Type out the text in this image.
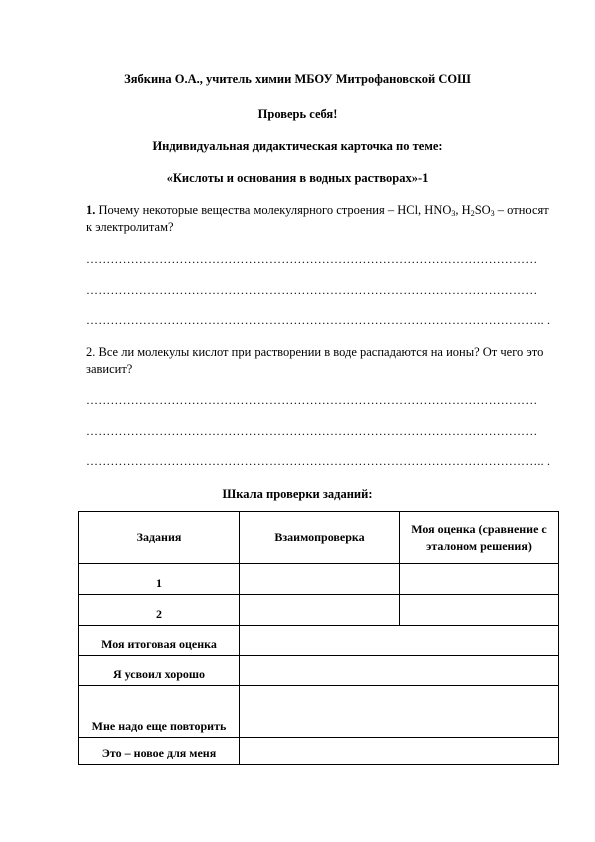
Зябкина О.А., учитель химии МБОУ Митрофановской СОШ
Проверь себя!
Индивидуальная дидактическая карточка по теме:
«Кислоты и основания в водных растворах»-1
1. Почему некоторые вещества молекулярного строения – HCl, $HNO_3$, $H_2SO_3$ – относят к электролитам?
…………………………………………………………………………………………………
…………………………………………………………………………………………………
………………………………………………………………………………………………….. .
2. Все ли молекулы кислот при растворении в воде распадаются на ионы? От чего это зависит?
…………………………………………………………………………………………………
…………………………………………………………………………………………………
………………………………………………………………………………………………….. .
Шкала проверки заданий:
Задания	Взаимопроверка	Моя оценка (сравнение с эталоном решения)
1		
2		
Моя итоговая оценка		
Я усвоил хорошо		
Мне надо еще повторить		
Это – новое для меня		
